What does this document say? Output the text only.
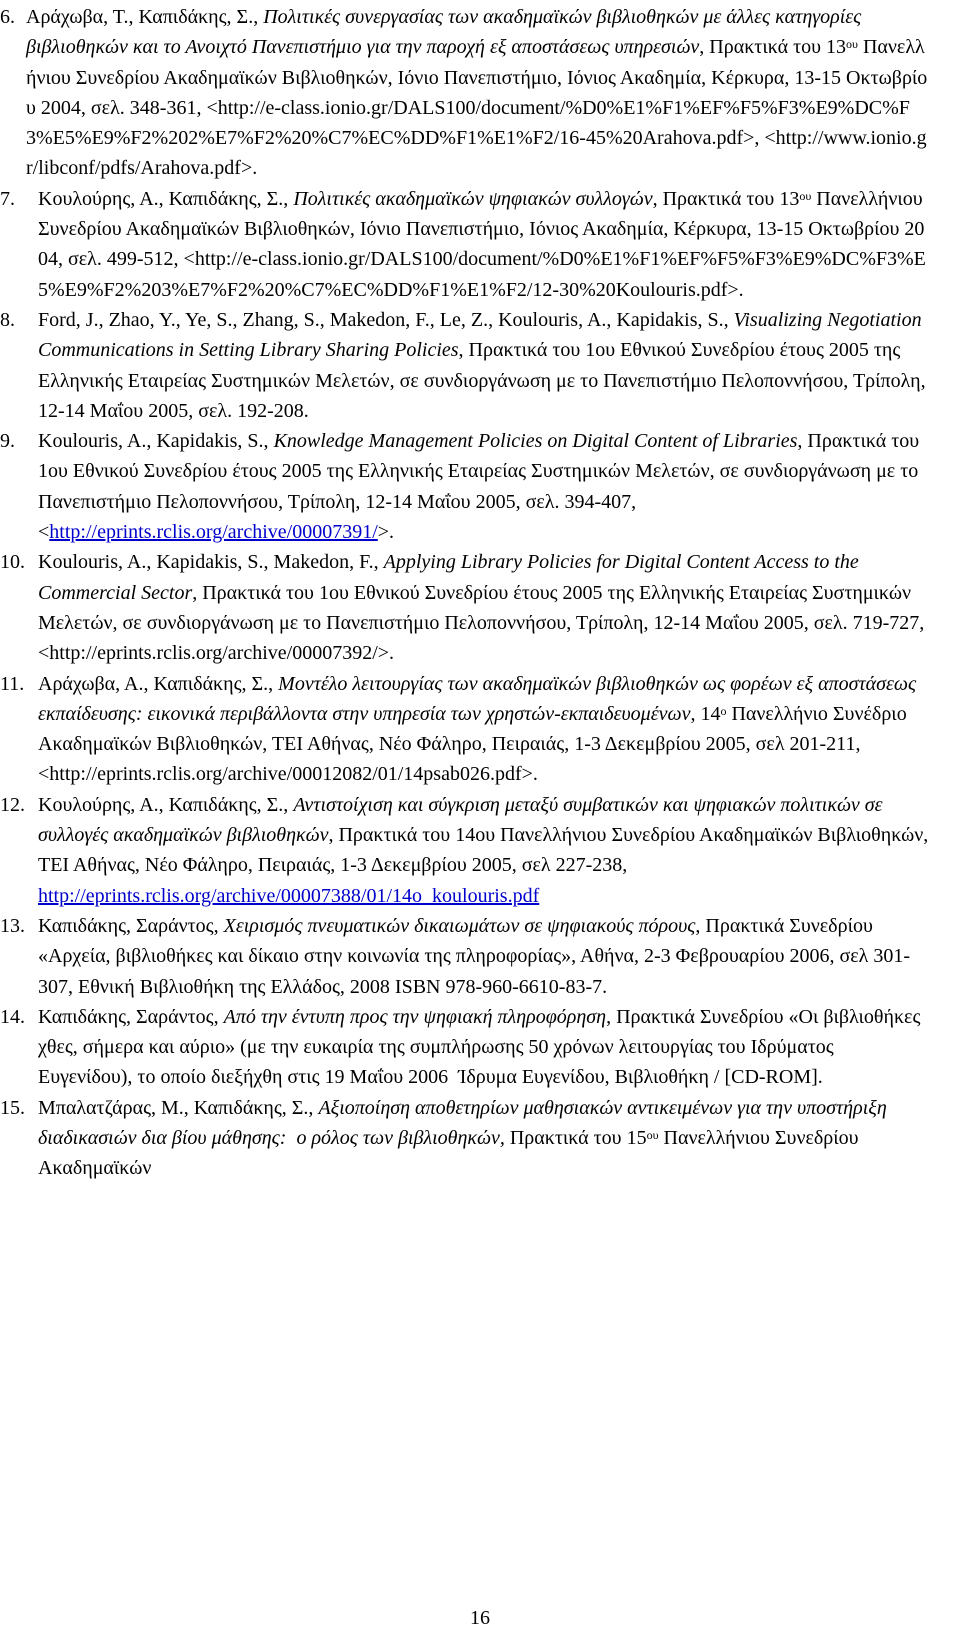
6. Αράχωβα, Τ., Καπιδάκης, Σ., Πολιτικές συνεργασίας των ακαδημαϊκών βιβλιοθηκών με άλλες κατηγορίες βιβλιοθηκών και το Ανοιχτό Πανεπιστήμιο για την παροχή εξ αποστάσεως υπηρεσιών, Πρακτικά του $13^{o\upsilon}$ Πανελλήνιου Συνεδρίου Ακαδημαϊκών Βιβλιοθηκών, Ιόνιο Πανεπιστήμιο, Ιόνιος Ακαδημία, Κέρκυρα, 13-15 Οκτωβρίου 2004, σελ. 348-361, <http://e-class.ionio.gr/DALS100/document/%D0%E1%F1%EF%F5%F3%E9%DC%F3%E5%E9%F2%202%E7%F2%20%C7%EC%DD%F1%E1%F2/16-45%20Arahova.pdf>, <http://www.ionio.gr/libconf/pdfs/Arahova.pdf>.
7. Κουλούρης, Α., Καπιδάκης, Σ., Πολιτικές ακαδημαϊκών ψηφιακών συλλογών, Πρακτικά του $13^{o\upsilon}$ Πανελλήνιου Συνεδρίου Ακαδημαϊκών Βιβλιοθηκών, Ιόνιο Πανεπιστήμιο, Ιόνιος Ακαδημία, Κέρκυρα, 13-15 Οκτωβρίου 2004, σελ. 499-512, <http://e-class.ionio.gr/DALS100/document/%D0%E1%F1%EF%F5%F3%E9%DC%F3%E5%E9%F2%203%E7%F2%20%C7%EC%DD%F1%E1%F2/12-30%20Koulouris.pdf>.
8. Ford, J., Zhao, Y., Ye, S., Zhang, S., Makedon, F., Le, Z., Koulouris, A., Kapidakis, S., Visualizing Negotiation Communications in Setting Library Sharing Policies, Πρακτικά του 1ου Εθνικού Συνεδρίου έτους 2005 της Ελληνικής Εταιρείας Συστημικών Μελετών, σε συνδιοργάνωση με το Πανεπιστήμιο Πελοποννήσου, Τρίπολη, 12-14 Μαΐου 2005, σελ. 192-208.
9. Koulouris, A., Kapidakis, S., Knowledge Management Policies on Digital Content of Libraries, Πρακτικά του 1ου Εθνικού Συνεδρίου έτους 2005 της Ελληνικής Εταιρείας Συστημικών Μελετών, σε συνδιοργάνωση με το Πανεπιστήμιο Πελοποννήσου, Τρίπολη, 12-14 Μαΐου 2005, σελ. 394-407, <http://eprints.rclis.org/archive/00007391/>.
10. Koulouris, A., Kapidakis, S., Makedon, F., Applying Library Policies for Digital Content Access to the Commercial Sector, Πρακτικά του 1ου Εθνικού Συνεδρίου έτους 2005 της Ελληνικής Εταιρείας Συστημικών Μελετών, σε συνδιοργάνωση με το Πανεπιστήμιο Πελοποννήσου, Τρίπολη, 12-14 Μαΐου 2005, σελ. 719-727, <http://eprints.rclis.org/archive/00007392/>.
11. Αράχωβα, Α., Καπιδάκης, Σ., Μοντέλο λειτουργίας των ακαδημαϊκών βιβλιοθηκών ως φορέων εξ αποστάσεως εκπαίδευσης: εικονικά περιβάλλοντα στην υπηρεσία των χρηστών-εκπαιδευομένων, $14^o$ Πανελλήνιο Συνέδριο Ακαδημαϊκών Βιβλιοθηκών, ΤΕΙ Αθήνας, Νέο Φάληρο, Πειραιάς, 1-3 Δεκεμβρίου 2005, σελ 201-211, <http://eprints.rclis.org/archive/00012082/01/14psab026.pdf>.
12. Κουλούρης, Α., Καπιδάκης, Σ., Αντιστοίχιση και σύγκριση μεταξύ συμβατικών και ψηφιακών πολιτικών σε συλλογές ακαδημαϊκών βιβλιοθηκών, Πρακτικά του 14ου Πανελλήνιου Συνεδρίου Ακαδημαϊκών Βιβλιοθηκών, ΤΕΙ Αθήνας, Νέο Φάληρο, Πειραιάς, 1-3 Δεκεμβρίου 2005, σελ 227-238, http://eprints.rclis.org/archive/00007388/01/14o_koulouris.pdf
13. Καπιδάκης, Σαράντος, Χειρισμός πνευματικών δικαιωμάτων σε ψηφιακούς πόρους, Πρακτικά Συνεδρίου «Αρχεία, βιβλιοθήκες και δίκαιο στην κοινωνία της πληροφορίας», Αθήνα, 2-3 Φεβρουαρίου 2006, σελ 301-307, Εθνική Βιβλιοθήκη της Ελλάδος, 2008 ISBN 978-960-6610-83-7.
14. Καπιδάκης, Σαράντος, Από την έντυπη προς την ψηφιακή πληροφόρηση, Πρακτικά Συνεδρίου «Οι βιβλιοθήκες χθες, σήμερα και αύριο» (με την ευκαιρία της συμπλήρωσης 50 χρόνων λειτουργίας του Ιδρύματος Ευγενίδου), το οποίο διεξήχθη στις 19 Μαΐου 2006  Ίδρυμα Ευγενίδου, Βιβλιοθήκη / [CD-ROM].
15. Μπαλατζάρας, Μ., Καπιδάκης, Σ., Αξιοποίηση αποθετηρίων μαθησιακών αντικειμένων για την υποστήριξη διαδικασιών δια βίου μάθησης:  ο ρόλος των βιβλιοθηκών, Πρακτικά του $15^{o\upsilon}$ Πανελλήνιου Συνεδρίου Ακαδημαϊκών
16
